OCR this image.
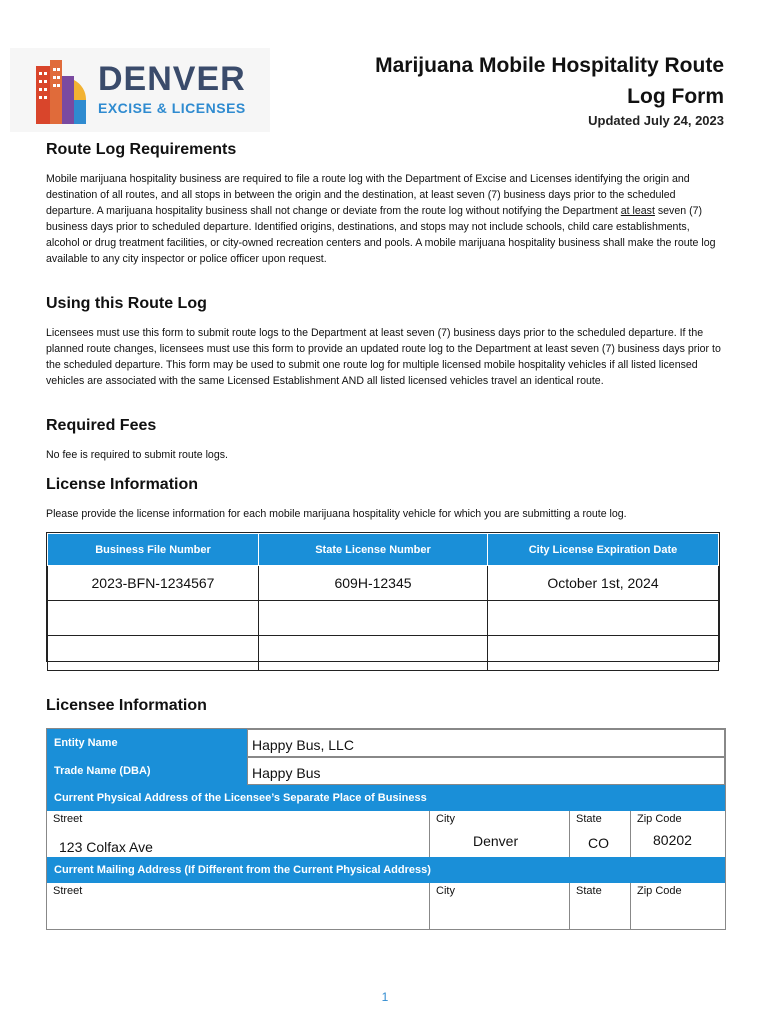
DENVER
EXCISE & LICENSES
Marijuana Mobile Hospitality Route
Log Form
Updated July 24, 2023
Route Log Requirements

Mobile marijuana hospitality business are required to file a route log with the Department of Excise and Licenses identifying the origin and destination of all routes, and all stops in between the origin and the destination, at least seven (7) business days prior to the scheduled departure. A marijuana hospitality business shall not change or deviate from the route log without notifying the Department at least seven (7) business days prior to scheduled departure. Identified origins, destinations, and stops may not include schools, child care establishments, alcohol or drug treatment facilities, or city-owned recreation centers and pools. A mobile marijuana hospitality business shall make the route log available to any city inspector or police officer upon request.

Using this Route Log

Licensees must use this form to submit route logs to the Department at least seven (7) business days prior to the scheduled departure. If the planned route changes, licensees must use this form to provide an updated route log to the Department at least seven (7) business days prior to the scheduled departure. This form may be used to submit one route log for multiple licensed mobile hospitality vehicles if all listed licensed vehicles are associated with the same Licensed Establishment AND all listed licensed vehicles travel an identical route.

Required Fees

No fee is required to submit route logs.

License Information

Please provide the license information for each mobile marijuana hospitality vehicle for which you are submitting a route log.

Business File Number	State License Number	City License Expiration Date
2023-BFN-1234567	609H-12345	October 1st, 2024

Licensee Information
Entity Name	Happy Bus, LLC
Trade Name (DBA)	Happy Bus
Current Physical Address of the Licensee’s Separate Place of Business
Street	City	State	Zip Code
123 Colfax Ave	Denver	CO	80202
Current Mailing Address (If Different from the Current Physical Address)
Street	City	State	Zip Code
1
